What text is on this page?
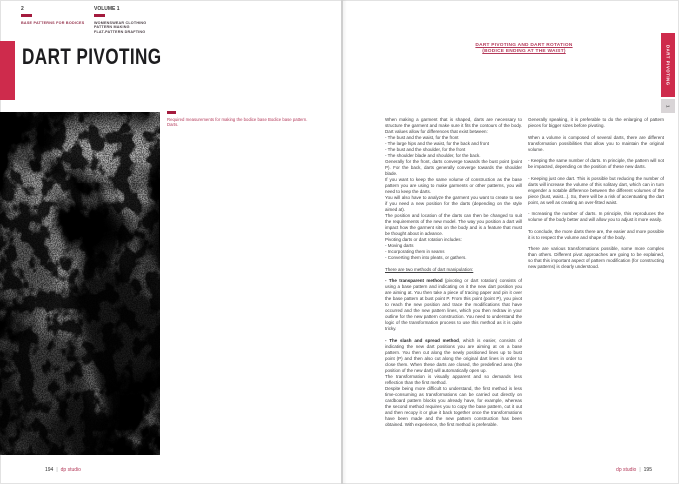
2
BASE PATTERNS FOR BODICES
VOLUME 1
WOMENSWEAR CLOTHING
PATTERN MAKING
FLAT-PATTERN DRAFTING
DART PIVOTING

Required measurements for making the bodice base Bodice base pattern.

Darts.

194 | dp studio
DART PIVOTING AND DART ROTATION
(BODICE ENDING AT THE WAIST)

When making a garment that is shaped, darts are necessary to structure the garment and make sure it fits the contours of the body. Dart values allow for differences that exist between:

- The bust and the waist, for the front

- The large hips and the waist, for the back and front

- The bust and the shoulder, for the front

- The shoulder blade and shoulder, for the back.

Generally for the front, darts converge towards the bust point (point P). For the back, darts generally converge towards the shoulder blade.

If you want to keep the same volume of construction as the base pattern you are using to make garments or other patterns, you will need to keep the darts.

You will also have to analyze the garment you want to create to see if you need a new position for the darts (depending on the style aimed at).

The position and location of the darts can then be changed to suit the requirements of the new model. The way you position a dart will impact how the garment sits on the body and is a feature that must be thought about in advance.

Pivoting darts or dart rotation includes:

- Moving darts

- Incorporating them in seams

- Converting them into pleats, or gathers.

There are two methods of dart manipulation:

- The transparent method (pivoting or dart rotation) consists of using a base pattern and indicating on it the new dart position you are aiming at. You then take a piece of tracing paper and pin it over the base pattern at bust point P. From this point (point P), you pivot to reach the new position and trace the modifications that have occurred and the new pattern lines, which you then redraw in your outline for the new pattern construction. You need to understand the logic of the transformation process to use this method as it is quite tricky.

- The slash and spread method, which is easier, consists of indicating the new dart positions you are aiming at on a base pattern. You then cut along the newly positioned lines up to bust point (P) and then also cut along the original dart lines in order to close them. When these darts are closed, the predefined area (the position of the new dart) will automatically open up.

The transformation is visually apparent and so demands less reflection than the first method.

Despite being more difficult to understand, the first method is less time-consuming as transformations can be carried out directly on cardboard pattern blocks you already have, for example, whereas the second method requires you to copy the base pattern, cut it out and then recopy it or glue it back together once the transformations have been made and the new pattern construction has been obtained. With experience, the first method is preferable.

Generally speaking, it is preferable to do the enlarging of pattern pieces for bigger sizes before pivoting.

When a volume is composed of several darts, there are different transformation possibilities that allow you to maintain the original volume.

- Keeping the same number of darts. In principle, the pattern will not be impacted, depending on the position of these new darts.

- Keeping just one dart. This is possible but reducing the number of darts will increase the volume of this solitary dart, which can in turn engender a notable difference between the different volumes of the piece (bust, waist...). So, there will be a risk of accentuating the dart point, as well as creating an over-fitted waist.

- Increasing the number of darts. In principle, this reproduces the volume of the body better and will allow you to adjust it more easily.

To conclude, the more darts there are, the easier and more possible it is to respect the volume and shape of the body.

There are various transformations possible, some more complex than others. Different pivot approaches are going to be explained, so that this important aspect of pattern modification (for constructing new patterns) is clearly understood.

DART PIVOTING
1
dp studio | 195
